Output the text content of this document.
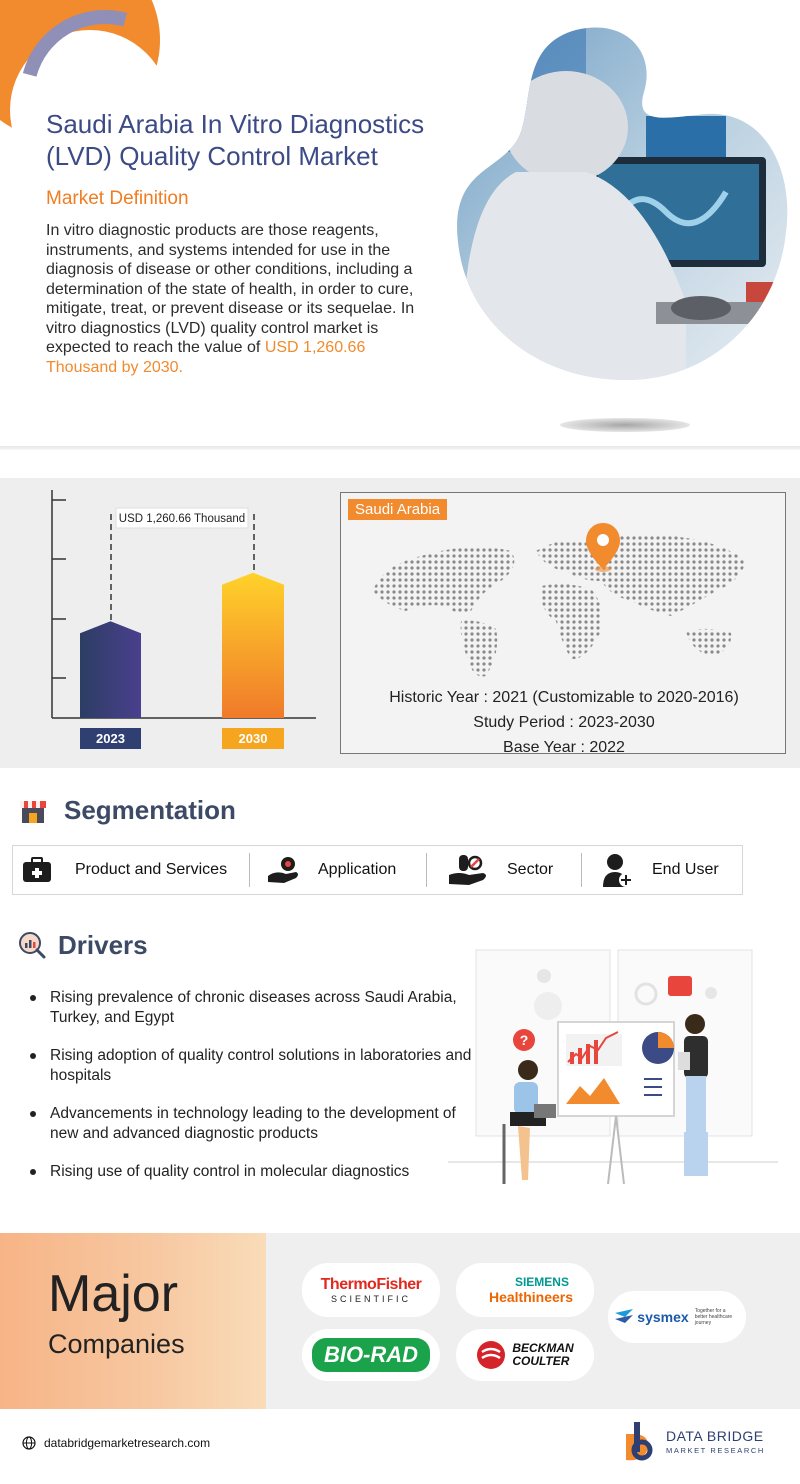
Saudi Arabia In Vitro Diagnostics (LVD) Quality Control Market
Market Definition

In vitro diagnostic products are those reagents, instruments, and systems intended for use in the diagnosis of disease or other conditions, including a determination of the state of health, in order to cure, mitigate, treat, or prevent disease or its sequelae. In vitro diagnostics (LVD) quality control market is expected to reach the value of USD 1,260.66 Thousand by 2030.

USD 1,260.66 Thousand
2023	2030
Saudi Arabia
Historic Year : 2021 (Customizable to 2020-2016)
Study Period : 2023-2030
Base Year : 2022
Segmentation
Product and Services	Application	Sector	End User
Drivers
Rising prevalence of chronic diseases across Saudi Arabia, Turkey, and Egypt
Rising adoption of quality control solutions in laboratories and hospitals
Advancements in technology leading to the development of new and advanced diagnostic products
Rising use of quality control in molecular diagnostics
?
Major
Companies
ThermoFisher
SCIENTIFIC
SIEMENS
Healthineers
sysmex Together for a better healthcare journey
BIO-RAD	BECKMAN
COULTER
databridgemarketresearch.com	DATA BRIDGE
MARKET RESEARCH
